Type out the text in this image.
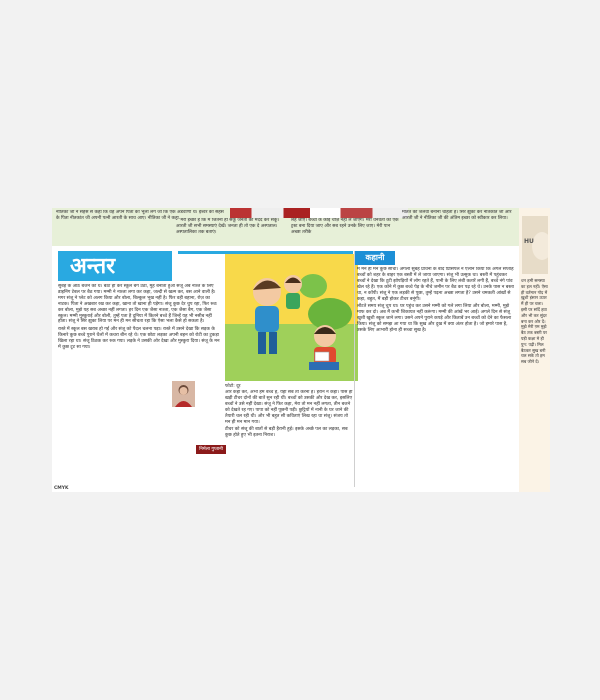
नीतिका जी ने सेहेस से कहा कि वह अपने पिता को भूला लगे जो कि एक अडवाणी थे। ईश्वर को सेहेस के पिता नीतकांत जी अपनी पत्नी आरती के साथ आए। नीतिका जी ने कहा
- 'मेरी इच्छा है कि मैं जितना हो सकूँ जनता की मदद कर सकूँ। आरती जी सभी समस्याएं देखें। जनता ही तो एक दे अस्पताल। अस्पतालिका तक बताएं।
लहे जाए। बच्चों के कोई चीज़ नहीं ले जाएगे। मेरी धनवती का एक ट्रस्ट बना दिया जाए और सब रहने उनके लिए जाए। मेरी पान अच्छा तरीके
मातत को जलवा बनाना चाहती हैं। सिर झुका कर नीतकांत जी और आरती जी ने नीतिका जी की अंतिम इच्छा को स्वीकार कर लिया।
अन्तर

सुबह के आठ बजने को थे। बैठा हो कर स्कूल बैग उठा, मुंह बनाता हुआ संजू अब नाश्ते के लिए डाइनिंग टेबल पर बैठ गया। मम्मी ने नाश्ता लगा कर कहा, जल्दी से खत्म कर, बस आने वाली है। मगर संजू ने प्लेट को अलग किया और बोला, बिल्कुल भूख नहीं है। फिर वही बहाना, रोज़ का नाटक। पिता ने अखबार रख कर कहा, खाना तो खाना ही पड़ेगा। संजू कुछ देर चुप रहा, फिर रूठ कर बोला, मुझे यह सब अच्छा नहीं लगता। हर दिन एक जैसा नाश्ता, एक जैसा बैग, एक जैसा स्कूल। मम्मी मुस्कुराई और बोली, तुम्हें पता है दुनिया में कितने बच्चे हैं जिन्हें यह भी नसीब नहीं होता। संजू ने सिर झुका लिया पर मन ही मन सोचता रहा कि ऐसा भला कैसे हो सकता है।

रास्ते में स्कूल बस खराब हो गई और संजू को पैदल चलना पड़ा। रास्ते में उसने देखा कि सड़क के किनारे कुछ बच्चे पुराने थैलों में कचरा बीन रहे थे। एक छोटा लड़का अपनी बहन को रोटी का टुकड़ा खिला रहा था। संजू ठिठक कर रुक गया। लड़के ने उसकी ओर देखा और मुस्कुरा दिया। संजू के मन में कुछ टूट सा गया।

निर्मला गुप्तानी
फोटो: दूर

और कहा करे, अभी हम बच्चे हैं, यही सब तो करना है। हैरान ने कहा। पास ही खड़ी टीचर दोनों की बातें सुन रही थीं। बच्चों को उसकी और देख कर, इसलिए बच्चों ने उसे नहीं देखा। संजू ने फिर कहा, मेरा तो मन नहीं लगता, तीन बजने को देखते रह गए। पापा को नहीं पूछनी पड़ी। छुट्टियों में नानी के घर जाने की तैयारी चल रही थी। और भी बहुत सी कविताएं लिख रहा था संजू। संजय तो मन ही मन मान गया।

टीचर को संजू की बातों से बड़ी हैरानी हुई। इसके अच्छे पल का लड़का, सब कुछ होते हुए भी इतना निराश।

कहानी

मे मन ही मन कुछ सोचा। अगली सुबह प्रार्थना के बाद प्रिंसिपल ने ऐलान किया कि अगले सप्ताह बच्चों को शहर के बाहर एक बस्ती में ले जाया जाएगा। संजू भी उत्सुक था। बस्ती में पहुंचकर बच्चों ने देखा कि टूटी झोपड़ियों में लोग रहते हैं, पानी के लिए लंबी कतारें लगी हैं, बच्चे नंगे पांव खेल रहे हैं। एक कोने में कुछ बच्चे पेड़ के नीचे जमीन पर बैठ कर पढ़ रहे थे। उनके पास न बस्ता था, न कॉपी। संजू ने एक लड़की से पूछा, तुम्हें पढ़ना अच्छा लगता है? उसने चमकती आंखों से कहा, बहुत, मैं बड़ी होकर टीचर बनूंगी।

लौटते समय संजू चुप था। घर पहुंच कर उसने मम्मी को गले लगा लिया और बोला, मम्मी, मुझे माफ कर दो। अब मैं कभी शिकायत नहीं करूंगा। मम्मी की आंखें भर आईं। अगले दिन से संजू खुशी खुशी स्कूल जाने लगा। उसने अपने पुराने कपड़े और किताबें उन बच्चों को देने का फैसला किया। संजू को समझ आ गया था कि सुख और दुख में क्या अंतर होता है। जो हमारे पास है, उसके लिए आभारी होना ही सच्चा सुख है।

धन हमी समस्या का हल नहीं। ऐसा ही वर्तमान गोद में ख़ुशी इंसान ऊपर मैं ही पर चला। इसी पर सर्दि हवा और भी कर सुंदर बना कर ओर दें। मुझे मेरी ग़म मुझे बैठ तक बस्ती पर पड़ी कक्षा मे ही पुन: पढ़ी। मिल बैठकर सुख बनी चल सके तो हम सब जीने दें।
HU
CMYK
